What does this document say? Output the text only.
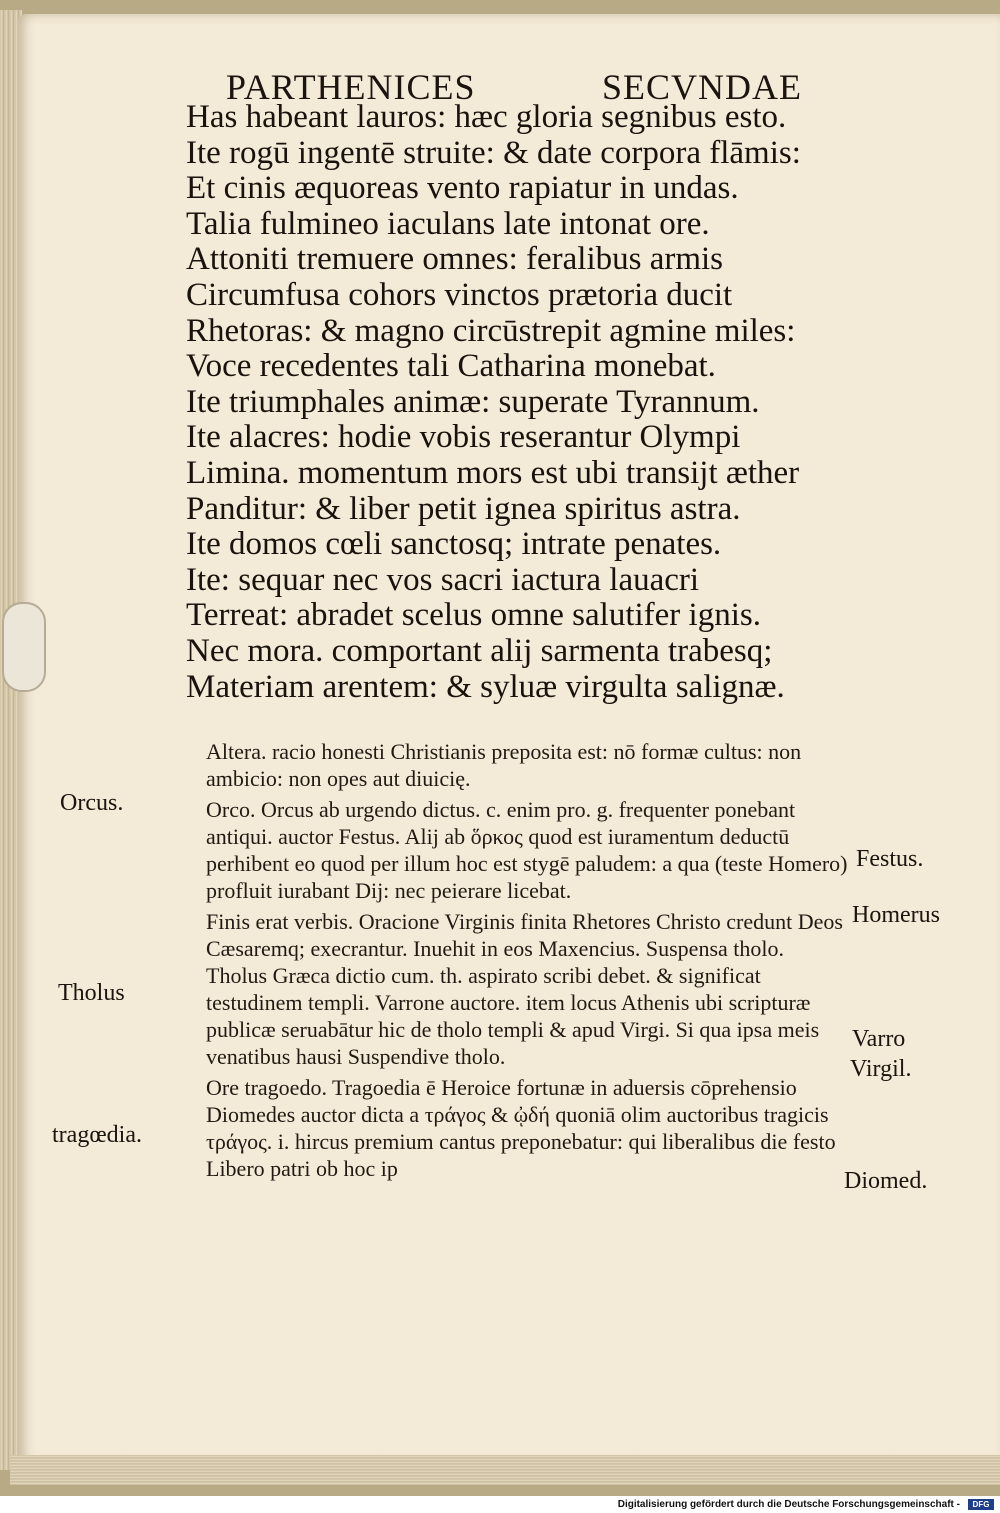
PARTHENICES	SECVNDAE
Has habeant lauros: hæc gloria segnibus esto.
Ite rogū ingentē struite: & date corpora flāmis:
Et cinis æquoreas vento rapiatur in undas.
Talia fulmineo iaculans late intonat ore.
Attoniti tremuere omnes: feralibus armis
Circumfusa cohors vinctos prætoria ducit
Rhetoras: & magno circūstrepit agmine miles:
Voce recedentes tali Catharina monebat.
Ite triumphales animæ: superate Tyrannum.
Ite alacres: hodie vobis reserantur Olympi
Limina. momentum mors est ubi transijt æther
Panditur: & liber petit ignea spiritus astra.
Ite domos cœli sanctosq; intrate penates.
Ite: sequar nec vos sacri iactura lauacri
Terreat: abradet scelus omne salutifer ignis.
Nec mora. comportant alij sarmenta trabesq;
Materiam arentem: & syluæ virgulta salignæ.
Altera. racio honesti Christianis preposita est: nō formæ cultus: non ambicio: non opes aut diuicię.
Orco. Orcus ab urgendo dictus. c. enim pro. g. frequenter ponebant antiqui. auctor Festus. Alij ab ὅρκος quod est iuramentum deductū perhibent eo quod per illum hoc est stygē paludem: a qua (teste Homero) profluit iurabant Dij: nec peierare licebat.
Finis erat verbis. Oracione Virginis finita Rhetores Christo credunt Deos Cæsaremq; execrantur. Inuehit in eos Maxencius. Suspensa tholo. Tholus Græca dictio cum. th. aspirato scribi debet. & significat testudinem templi. Varrone auctore. item locus Athenis ubi scripturæ publicæ seruabātur hic de tholo templi & apud Virgi. Si qua ipsa meis venatibus hausi Suspendive tholo.
Ore tragoedo. Tragoedia ē Heroice fortunæ in aduersis cōprehensio Diomedes auctor dicta a τράγος & ᾠδή quoniā olim auctoribus tragicis τράγος. i. hircus premium cantus preponebatur: qui liberalibus die festo Libero patri ob hoc ip
Orcus.
Tholus
tragœdia.
Festus.
Homerus
Varro
Virgil.
Diomed.
Digitalisierung gefördert durch die Deutsche Forschungsgemeinschaft -	DFG
